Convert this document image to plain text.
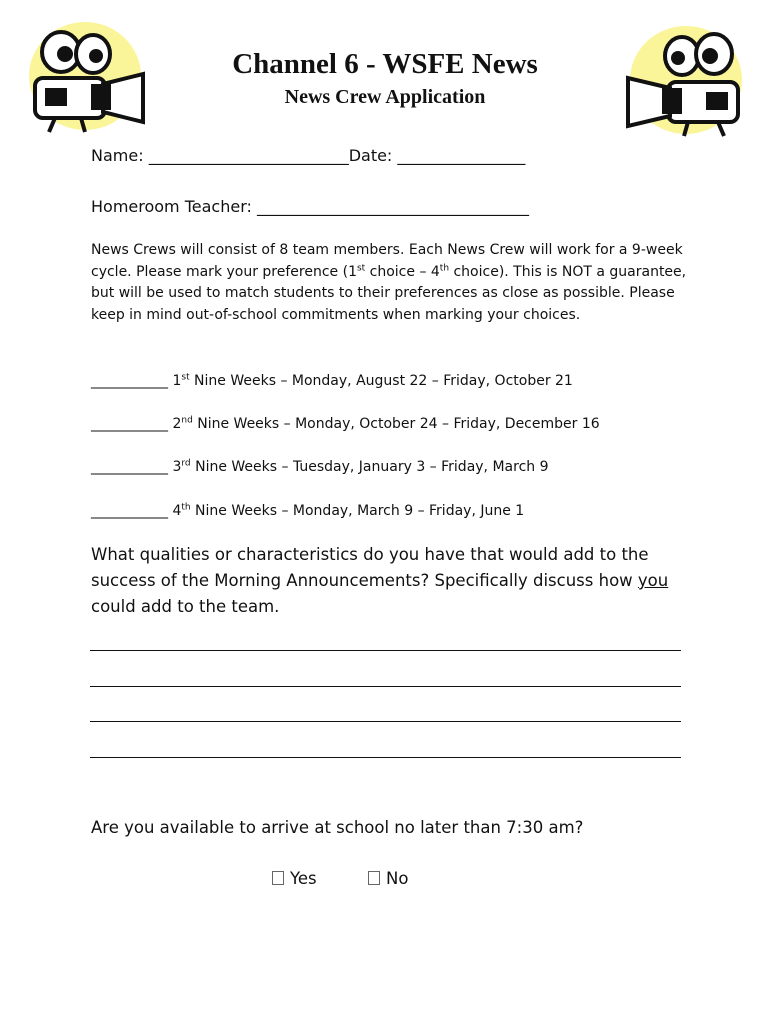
Channel 6 - WSFE News
News Crew Application
Name: _________________________Date: ________________
Homeroom Teacher: __________________________________
News Crews will consist of 8 team members. Each News Crew will work for a 9-week cycle. Please mark your preference (1st choice – 4th choice). This is NOT a guarantee, but will be used to match students to their preferences as close as possible. Please keep in mind out-of-school commitments when marking your choices.
___________ 1st Nine Weeks – Monday, August 22 – Friday, October 21
___________ 2nd Nine Weeks – Monday, October 24 – Friday, December 16
___________ 3rd Nine Weeks – Tuesday, January 3 – Friday, March 9
___________ 4th Nine Weeks – Monday, March 9 – Friday, June 1
What qualities or characteristics do you have that would add to the success of the Morning Announcements? Specifically discuss how you could add to the team.
Are you available to arrive at school no later than 7:30 am?
Yes	No
